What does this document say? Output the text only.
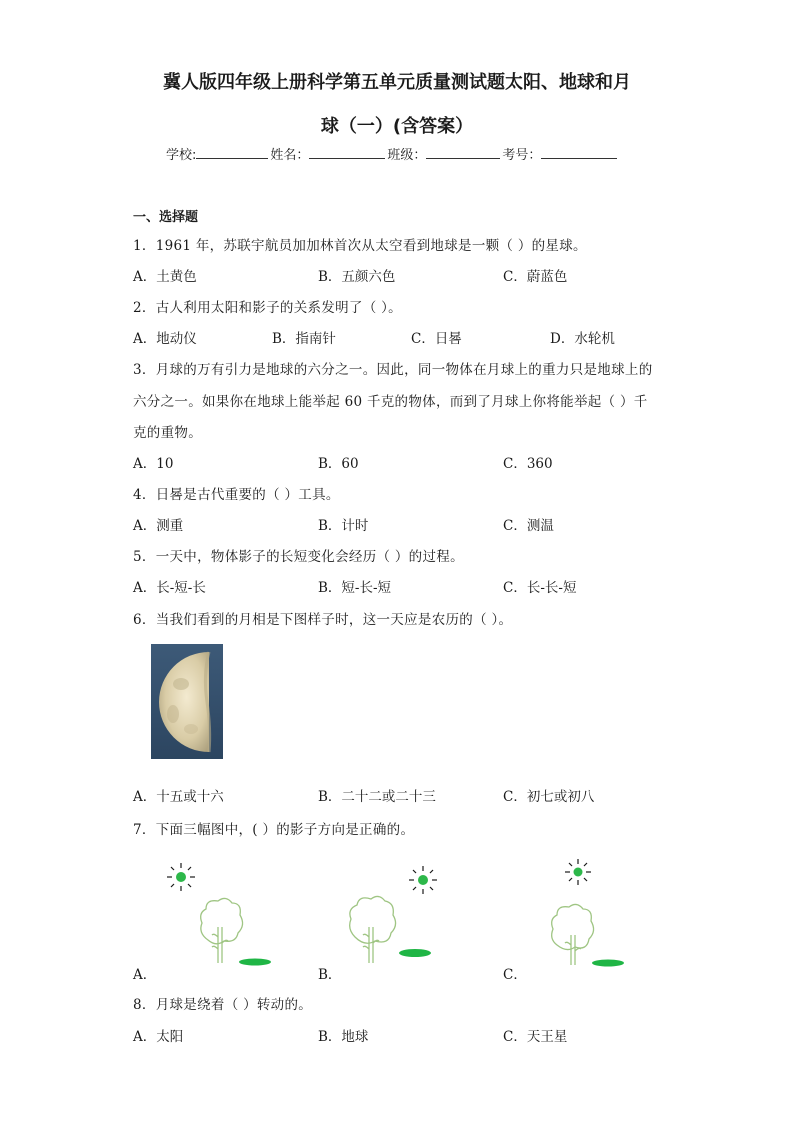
冀人版四年级上册科学第五单元质量测试题太阳、地球和月
球（一）(含答案）
学校:	姓名：	班级：	考号：
一、选择题
1．1961 年，苏联宇航员加加林首次从太空看到地球是一颗（ ）的星球。
A．土黄色	B．五颜六色	C．蔚蓝色
2．古人利用太阳和影子的关系发明了（ ）。
A．地动仪	B．指南针	C．日晷	D．水轮机
3．月球的万有引力是地球的六分之一。因此，同一物体在月球上的重力只是地球上的
六分之一。如果你在地球上能举起 60 千克的物体，而到了月球上你将能举起（ ）千
克的重物。
A．10	B．60	C．360
4．日晷是古代重要的（ ）工具。
A．测重	B．计时	C．测温
5．一天中，物体影子的长短变化会经历（ ）的过程。
A．长-短-长	B．短-长-短	C．长-长-短
6．当我们看到的月相是下图样子时，这一天应是农历的（ ）。
A．十五或十六	B．二十二或二十三	C．初七或初八
7．下面三幅图中，( ）的影子方向是正确的。
A．	B．	C．
8．月球是绕着（ ）转动的。
A．太阳	B．地球	C．天王星
